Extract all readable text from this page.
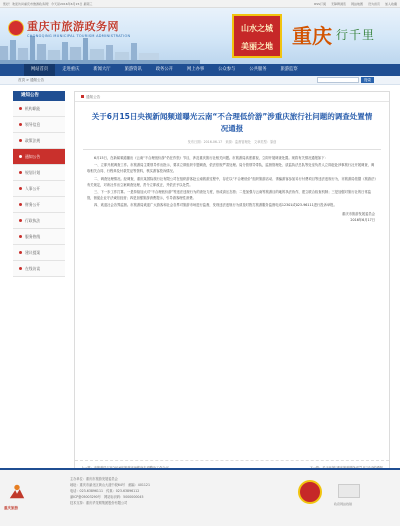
您好！欢迎访问重庆市旅游政务网！今天是2016年6月15日 星期三	RSS订阅 无障碍浏览 网站地图 设为首页 加入收藏
重庆市旅游政务网
CHONGQING MUNICIPAL TOURISM ADMINISTRATION
山水之城
美丽之地 重庆 行千里
网站首页	走进重庆	新闻大厅	旅游资讯	政务公开	网上办事	公众参与	公共服务	旅游监察
首页 > 通知公告	搜索
通知公告
机构职能
领导信息
政策法规
通知公告
规划计划
人事公开
财务公开
行政执法
服务热线
建议提案
在线访谈
通知公告
关于6月15日央视新闻频道曝光云南“不合理低价游”涉重庆旅行社问题的调查处置情况通报
发布日期：2016-06-17　来源：监督管理处　文章类型：原创

6月15日，在新闻频道播出《云南“不合理低价游”仍在作祟》节目，涉及重庆旅行社相关问题。市旅游局高度重视，立即开展调查处置。现将有关情况通报如下：

一、立即开展调查工作。市旅游局主要领导作出批示，要求立即组织专题调查，依法依规严肃处理。局分管领导带队，监督管理处、质监执法总队等处室负责人立即赶赴涉事旅行社开展调查，调取相关合同、行程单及付款凭证等资料，核实游客投诉情况。

二、调查处理情况。经调查，重庆某国际旅行社有限公司在组织游客赴云南旅游过程中，存在以“不合理低价”组织旅游活动、诱骗游客参加另行付费项目等违法违规行为，市旅游局依据《旅游法》有关规定，对该社作出立案调查处理，责令立即改正，并依法予以处罚。

三、下一步工作打算。一是持续加大对“不合理低价游”等违法违规行为的查处力度，形成高压态势；二是加强与云南等旅游目的地的执法协作，建立联合检查机制；三是加强对旅行社的日常监管，督促企业守法诚信经营；四是加强旅游消费提示，引导游客理性消费。

四、欢迎社会各界监督。市旅游局欢迎广大游客和社会各界对旅游市场进行监督，发现违法违规行为请及时拨打旅游服务监督电话12301或023-96111进行投诉举报。

重庆市旅游发展委员会
2016年6月17日
重庆旅游
主办单位：重庆市旅游发展委员会
地址：重庆市渝北区黄山大道中段64号　邮编：401121
电话：023-63896111　传真：023-63896112
渝ICP备05003290号　网站标识码：5000000045
技术支持：重庆华龙网集团股份有限公司	政府网站找错
